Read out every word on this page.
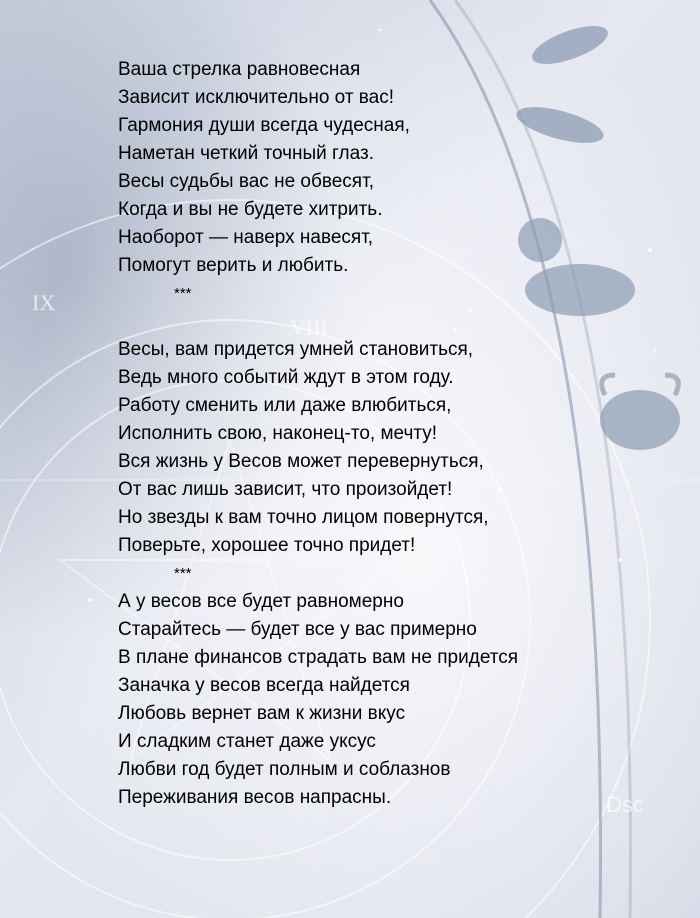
IX
VIII
Dsc
Ваша стрелка равновесная
Зависит исключительно от вас!
Гармония души всегда чудесная,
Наметан четкий точный глаз.
Весы судьбы вас не обвесят,
Когда и вы не будете хитрить.
Наоборот — наверх навесят,
Помогут верить и любить.
***
Весы, вам придется умней становиться,
Ведь много событий ждут в этом году.
Работу сменить или даже влюбиться,
Исполнить свою, наконец-то, мечту!
Вся жизнь у Весов может перевернуться,
От вас лишь зависит, что произойдет!
Но звезды к вам точно лицом повернутся,
Поверьте, хорошее точно придет!
***
А у весов все будет равномерно
Старайтесь — будет все у вас примерно
В плане финансов страдать вам не придется
Заначка у весов всегда найдется
Любовь вернет вам к жизни вкус
И сладким станет даже уксус
Любви год будет полным и соблазнов
Переживания весов напрасны.
